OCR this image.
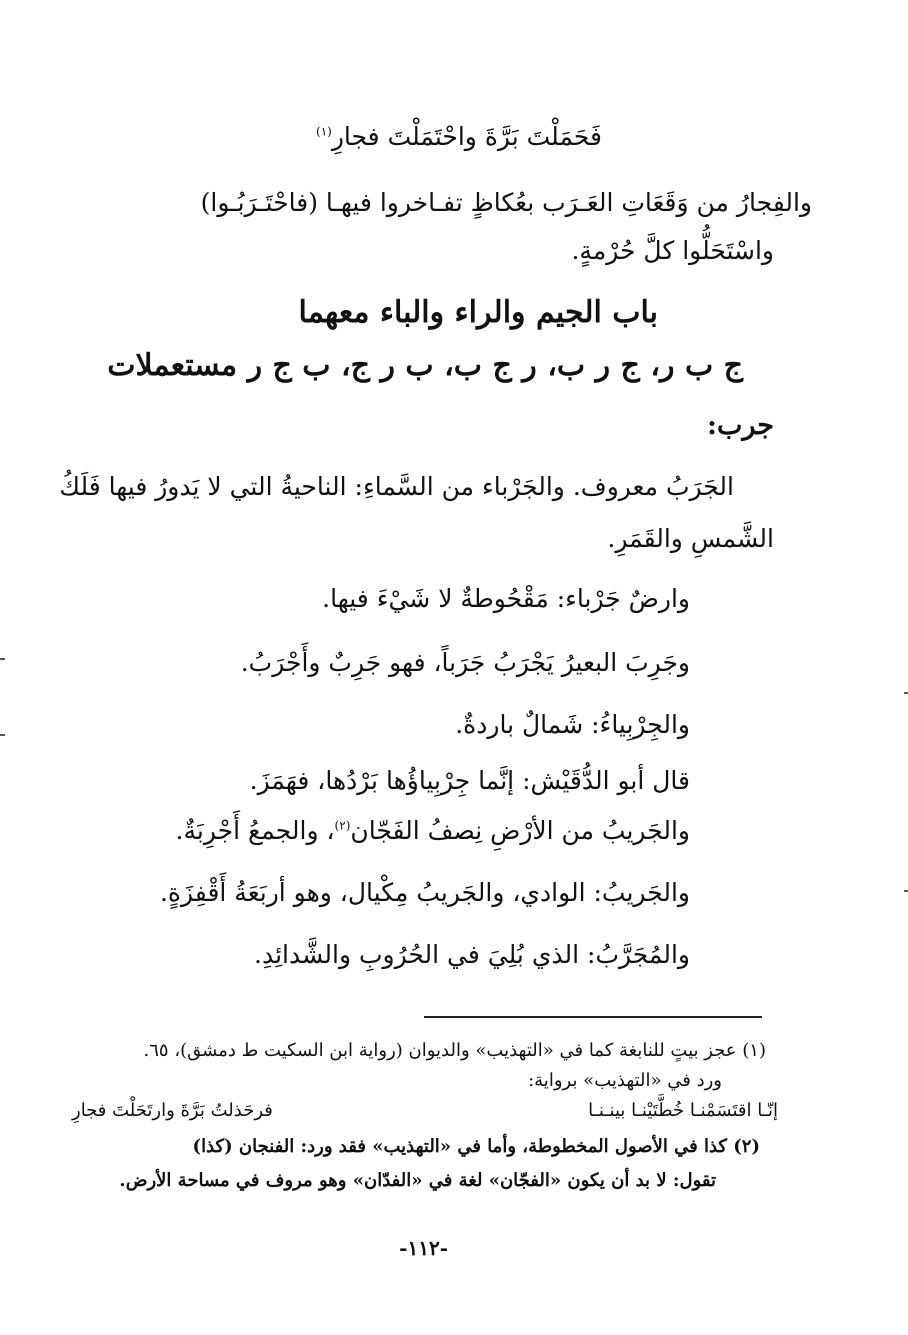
فَحَمَلْتَ بَرَّةَ واحْتَمَلْتَ فجارِ$^{(١)}$
والفِجارُ من وَقَعَاتِ العَـرَب بعُكاظٍ تفـاخروا فيهـا (فاحْتَـرَبُـوا)
واسْتَحَلُّوا كلَّ حُرْمةٍ.
باب الجيم والراء والباء معهما
ج ب ر، ج ر ب، ر ج ب، ب ر ج، ب ج ر مستعملات
جرب:
الجَرَبُ معروف. والجَرْباء من السَّماءِ: الناحيةُ التي لا يَدورُ فيها فَلَكُ
الشَّمسِ والقَمَرِ.
وارضٌ جَرْباء: مَقْحُوطةٌ لا شَيْءَ فيها.
وجَرِبَ البعيرُ يَجْرَبُ جَرَباً، فهو جَرِبٌ وأَجْرَبُ.
والجِرْبِياءُ: شَمالٌ باردةٌ.
قال أبو الدُّقَيْش: إنَّما جِرْبِياؤُها بَرْدُها، فهَمَزَ.
والجَريبُ من الأرْضِ نِصفُ الفَجّان$^{(٢)}$، والجمعُ أَجْرِبَةٌ.
والجَريبُ: الوادي، والجَريبُ مِكْيال، وهو أربَعَةُ أَقْفِزَةٍ.
والمُجَرَّبُ: الذي بُلِيَ في الحُرُوبِ والشَّدائِدِ.
(١) عجز بيتٍ للنابغة كما في «التهذيب» والديوان (رواية ابن السكيت ط دمشق)، ٦٥.
ورد في «التهذيب» برواية:
إنّـا اقتَسَمْنـا خُطَّتَيْنـا بينـنـا
فرحَذلتُ بَرَّةَ وارتَحَلْتَ فجارِ
(٢) كذا في الأصول المخطوطة، وأما في «التهذيب» فقد ورد: الفنجان (كذا)
تقول: لا بد أن يكون «الفجّان» لغة في «الفدّان» وهو مروف في مساحة الأرض.
-١١٢-
